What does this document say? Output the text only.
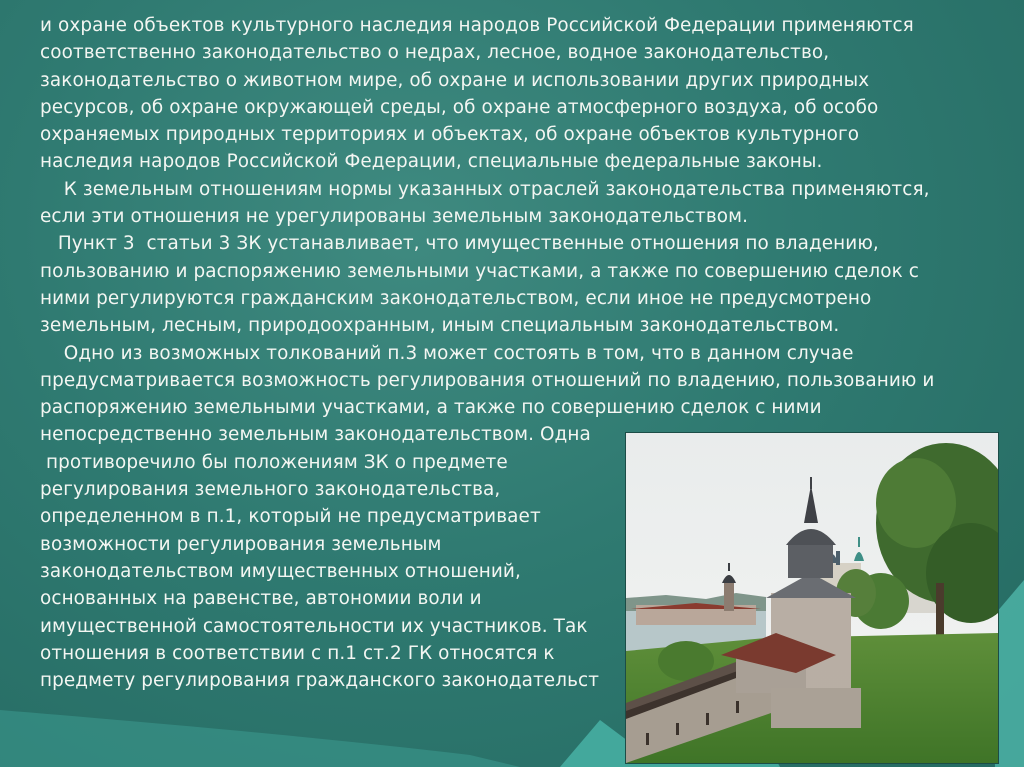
и охране объектов культурного наследия народов Российской Федерации применяются

соответственно законодательство о недрах, лесное, водное законодательство,

законодательство о животном мире, об охране и использовании других природных

ресурсов, об охране окружающей среды, об охране атмосферного воздуха, об особо

охраняемых природных территориях и объектах, об охране объектов культурного

наследия народов Российской Федерации, специальные федеральные законы.

К земельным отношениям нормы указанных отраслей законодательства применяются,

если эти отношения не урегулированы земельным законодательством.

Пункт 3  статьи 3 ЗК устанавливает, что имущественные отношения по владению,

пользованию и распоряжению земельными участками, а также по совершению сделок с

ними регулируются гражданским законодательством, если иное не предусмотрено

земельным, лесным, природоохранным, иным специальным законодательством.

Одно из возможных толкований п.3 может состоять в том, что в данном случае

предусматривается возможность регулирования отношений по владению, пользованию и

распоряжению земельными участками, а также по совершению сделок с ними

непосредственно земельным законодательством. Одна

противоречило бы положениям ЗК о предмете

регулирования земельного законодательства,

определенном в п.1, который не предусматривает

возможности регулирования земельным

законодательством имущественных отношений,

основанных на равенстве, автономии воли и

имущественной самостоятельности их участников. Так

отношения в соответствии с п.1 ст.2 ГК относятся к

предмету регулирования гражданского законодательст
